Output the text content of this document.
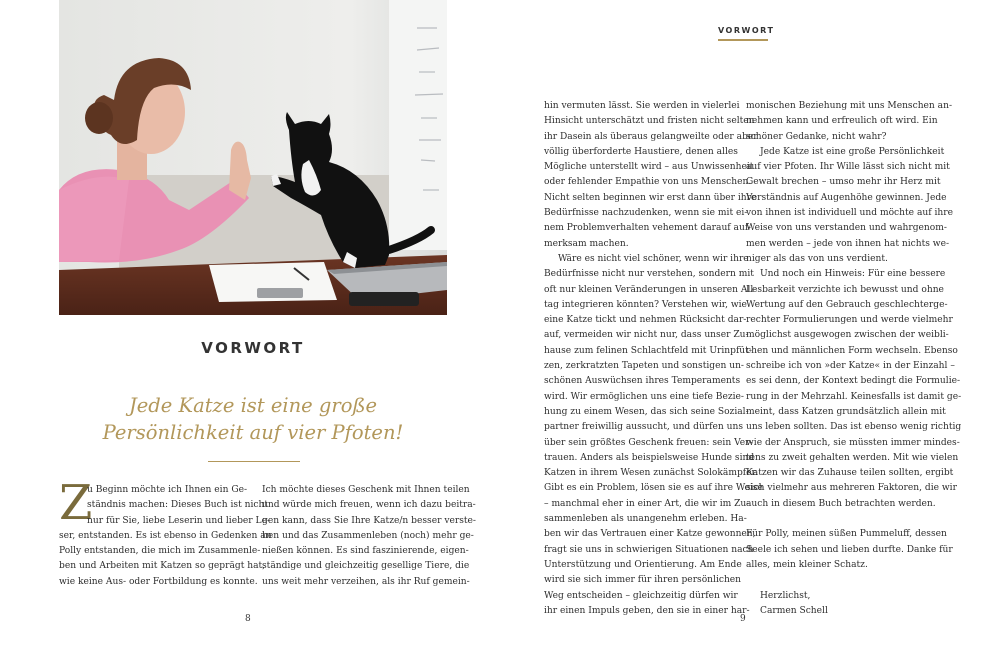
VORWORT
Jede Katze ist eine große
Persönlichkeit auf vier Pfoten!
Z
u Beginn möchte ich Ihnen ein Ge-
ständnis machen: Dieses Buch ist nicht
nur für Sie, liebe Leserin und lieber Le-
ser, entstanden. Es ist ebenso in Gedenken an
Polly entstanden, die mich im Zusammenle-
ben und Arbeiten mit Katzen so geprägt hat,
wie keine Aus- oder Fortbildung es konnte.
Ich möchte dieses Geschenk mit Ihnen teilen
und würde mich freuen, wenn ich dazu beitra-
gen kann, dass Sie Ihre Katze/n besser verste-
hen und das Zusammenleben (noch) mehr ge-
nießen können. Es sind faszinierende, eigen-
ständige und gleichzeitig gesellige Tiere, die
uns weit mehr verzeihen, als ihr Ruf gemein-
8
VORWORT
hin vermuten lässt. Sie werden in vielerlei
Hinsicht unterschätzt und fristen nicht selten
ihr Dasein als überaus gelangweilte oder aber
völlig überforderte Haustiere, denen alles
Mögliche unterstellt wird – aus Unwissenheit
oder fehlender Empathie von uns Menschen.
Nicht selten beginnen wir erst dann über ihre
Bedürfnisse nachzudenken, wenn sie mit ei-
nem Problemverhalten vehement darauf auf-
merksam machen.
Wäre es nicht viel schöner, wenn wir ihre
Bedürfnisse nicht nur verstehen, sondern mit
oft nur kleinen Veränderungen in unseren All-
tag integrieren könnten? Verstehen wir, wie
eine Katze tickt und nehmen Rücksicht dar-
auf, vermeiden wir nicht nur, dass unser Zu-
hause zum felinen Schlachtfeld mit Urinpfüt-
zen, zerkratzten Tapeten und sonstigen un-
schönen Auswüchsen ihres Temperaments
wird. Wir ermöglichen uns eine tiefe Bezie-
hung zu einem Wesen, das sich seine Sozial-
partner freiwillig aussucht, und dürfen uns
über sein größtes Geschenk freuen: sein Ver-
trauen. Anders als beispielsweise Hunde sind
Katzen in ihrem Wesen zunächst Solokämpfer.
Gibt es ein Problem, lösen sie es auf ihre Weise
– manchmal eher in einer Art, die wir im Zu-
sammenleben als unangenehm erleben. Ha-
ben wir das Vertrauen einer Katze gewonnen,
fragt sie uns in schwierigen Situationen nach
Unterstützung und Orientierung. Am Ende
wird sie sich immer für ihren persönlichen
Weg entscheiden – gleichzeitig dürfen wir
ihr einen Impuls geben, den sie in einer har-
monischen Beziehung mit uns Menschen an-
nehmen kann und erfreulich oft wird. Ein
schöner Gedanke, nicht wahr?
Jede Katze ist eine große Persönlichkeit
auf vier Pfoten. Ihr Wille lässt sich nicht mit
Gewalt brechen – umso mehr ihr Herz mit
Verständnis auf Augenhöhe gewinnen. Jede
von ihnen ist individuell und möchte auf ihre
Weise von uns verstanden und wahrgenom-
men werden – jede von ihnen hat nichts we-
niger als das von uns verdient.
Und noch ein Hinweis: Für eine bessere
Lesbarkeit verzichte ich bewusst und ohne
Wertung auf den Gebrauch geschlechterge-
rechter Formulierungen und werde vielmehr
möglichst ausgewogen zwischen der weibli-
chen und männlichen Form wechseln. Ebenso
schreibe ich von »der Katze« in der Einzahl –
es sei denn, der Kontext bedingt die Formulie-
rung in der Mehrzahl. Keinesfalls ist damit ge-
meint, dass Katzen grundsätzlich allein mit
uns leben sollten. Das ist ebenso wenig richtig
wie der Anspruch, sie müssten immer mindes-
tens zu zweit gehalten werden. Mit wie vielen
Katzen wir das Zuhause teilen sollten, ergibt
sich vielmehr aus mehreren Faktoren, die wir
auch in diesem Buch betrachten werden.
Für Polly, meinen süßen Pummeluff, dessen
Seele ich sehen und lieben durfte. Danke für
alles, mein kleiner Schatz.
Herzlichst,
Carmen Schell
9
